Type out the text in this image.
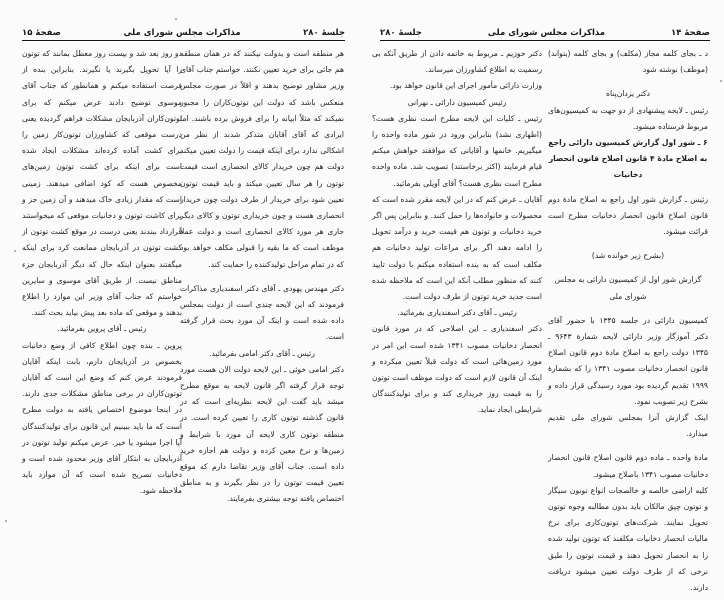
صفحهٔ ۱۴
مذاکرات مجلس شورای ملی
جلسهٔ ۲۸۰

د ـ بجای کلمه مجاز (مکلف) و بجای کلمه (بتواند) (موظف) نوشته شود

دکتر یزدان‌پناه

رئیس ـ لایحه پیشنهادی از دو جهت به کمیسیون‌های مربوط فرستاده میشود.

۶ ـ شور اول گزارش کمیسیون دارائی راجع به اصلاح مادهٔ ۴ قانون اصلاح قانون انحصار دخانیات

رئیس ـ گزارش شور اول راجع به اصلاح مادهٔ دوم قانون اصلاح قانون انحصار دخانیات مطرح است قرائت میشود.

(بشرح زیر خوانده شد)

گزارش شور اول از کمیسیون دارائی به مجلس شورای ملی

کمیسیون دارائی در جلسه ۱۳۴۵ با حضور آقای دکتر آموزگار وزیر دارائی لایحه شمارهٔ ۹۶۴۳ ـ ۱۳۴۵ دولت راجع به اصلاح مادهٔ دوم قانون اصلاح قانون انحصار دخانیات مصوب ۱۳۴۱ را که بشمارهٔ ۱۹۹۹ تقدیم گردیده بود مورد رسیدگی قرار داده و بشرح زیر تصویب نمود.

اینک گزارش آنرا بمجلس شورای ملی تقدیم میدارد.

مادهٔ واحده ـ ماده دوم قانون اصلاح قانون انحصار دخانیات مصوب ۱۳۴۱ باصلاح میشود.

کلیه اراضی خالصه و خالصجات انواع توتون سیگار و توتون چپق مالکان باید بدون مطالبه وجوه توتون تحویل نمایند. شرکت‌های توتون‌کاری برای نرخ مالیات انحصار دخانیات مکلفند که توتون تولید شده را به انحصار تحویل دهند و قیمت توتون را طبق نرخی که از طرف دولت تعیین میشود دریافت دارند.

دکتر خوزیم ـ مربوط به خاتمه دادن از طریق آنکه بی رسمیت به اطلاع کشاورزان میرساند.

وزارت دارائی مأمور اجرای این قانون خواهد بود.

رئیس کمیسیون دارائی ـ نهرانی

رئیس ـ کلیات این لایحه مطرح است نظری هست؟ (اظهاری نشد) بنابراین ورود در شور ماده واحده را میگیریم. خانمها و آقایانی که موافقند خواهش میکنم قیام فرمایند (اکثر برخاستند) تصویب شد. ماده واحده مطرح است نظری هست؟ آقای آویلی بفرمائید.

آقایان ـ عرض کنم که در این لایحه مقرر شده است که محصولات و خانواده‌ها را حمل کنند. و بنابراین پس اگر خرید دخانیات و توتون هم قیمت خرید و درآمد تحویل را ادامه دهند اگر برای مراعات تولید دخانیات هم مکلف است که به بنده استفاده میکنم با دولت تایید کنند که منظور مطلب آنکه این است که ملاحظه شده است جدید خرید توتون از طرف دولت است.

رئیس ـ آقای دکتر اسفندیاری بفرمائید.

دکتر اسفندیاری ـ این اصلاحی که در مورد قانون انحصار دخانیات مصوب ۱۳۴۱ شده است این امر در مورد زمین‌هائی است که دولت قبلاً تعیین میکرده و اینک آن قانون لازم است که دولت موظف است توتون را به قیمت روز خریداری کند و برای تولیدکنندگان شرایطی ایجاد نماید.

جلسهٔ ۲۸۰
مذاکرات مجلس شورای ملی
صفحهٔ ۱۵

هر منطقه است و بدولت نیکنند که در همان منطقه هم جائی برای خرید تعیین نکنند. خواستم جناب آقای وزیر مشاور توضیح بدهند و اقلاً در صورت مجلس منعکس باشد که دولت این توتون‌کاران را مجبور نمیکند که مثلاً ابیانه را برای فروش برده باشند. اما ایرادی که آقای آقایان متذکر شدند از نظر من اشکالی ندارد برای اینکه قیمت را دولت تعیین میکند دولت هم چون خریدار کالای انحصاری است قیمت توتون را هر سال تعیین میکند و باید قیمت توتون تعیین شود برای خریدار از طرف دولت چون خریدار انحصاری هست و چون خریداری توتون و کالای دیگر جاری هر مورد کالای انحصاری است و دولت عملاً موظف است که ما بقیه را قبولی مکلف خواهد بود که در تمام مراحل تولیدکننده را حمایت کند.

دکتر مهندس یهودی ـ آقای دکتر اسفندیاری مذاکرات فرمودند که این لایحه چندی است از دولت بمجلس داده شده است و اینک آن مورد بحث قرار گرفته است.

رئیس ـ آقای دکتر امامی بفرمائید.

دکتر امامی خوئی ـ این لایحه دولت الان هست مورد توجه قرار گرفته اگر قانون لایحه به موقع مطرح میشد باید گفت این لایحه نظریه‌ای است که در قانون گذشته توتون کاری را تعیین کرده است. در منطقه توتون کاری لایحه آن مورد با شرایط و زمین‌ها و نرخ معین کرده و دولت هم اجازه خرید داده است. جناب آقای وزیر تقاضا دارم که موقع تعیین قیمت توتون را در نظر بگیرند و به مناطق اختصاص یافته توجه بیشتری بفرمایند.

دو روز بعد شد و بیست روز معطل بمانند که توتون را آیا تحویل بگیرند یا نگیرند. بنابراین بنده از فرصت استفاده میکنم و همانطور که جناب آقای موسوی توضیح دادند عرض میکنم که برای توتون‌کاران آذربایجان مشکلات فراهم گردیده یعنی درست موقعی که کشاورزان توتون‌کار زمین را برای کشت آماده کرده‌اند مشکلات ایجاد شده است برای اینکه برای کشت توتون زمین‌های مخصوص هست که کود اضافی میدهند. زمینی است که مقدار زیادی خاک میدهند و آن زمین جز و برای کاشت توتون و دخانیات موقعی که میخواستند قرارداد ببندند یعنی درست در موقع کشت توتون از کشت توتون در آذربایجان ممانعت کرد برای اینکه میگفتند بعنوان اینکه حال که دیگر آذربایجان جزء مناطق نیست. از طریق آقای موسوی و سایرین خواستم که جناب آقای وزیر این موارد را اطلاع بدهند و موقعی که ماده بعد پیش بیاید بحث کنند.

رئیس ـ آقای پروین بفرمائید.

پروین ـ بنده چون اطلاع کافی از وضع دخانیات بخصوص در آذربایجان دارم، بابت اینکه آقایان فرمودند عرض کنم که وضع این است که آقایان توتون‌کاران در برخی مناطق مشکلات جدی دارند. در اینجا موضوع اختصاص یافته به دولت مطرح است که ما باید ببینیم این قانون برای تولیدکنندگان آیا اجرا میشود یا خیر. عرض میکنم تولید توتون در آذربایجان به ابتکار آقای وزیر محدود شده است و دخانیات تصریح شده است که آن موارد باید ملاحظه شود.
